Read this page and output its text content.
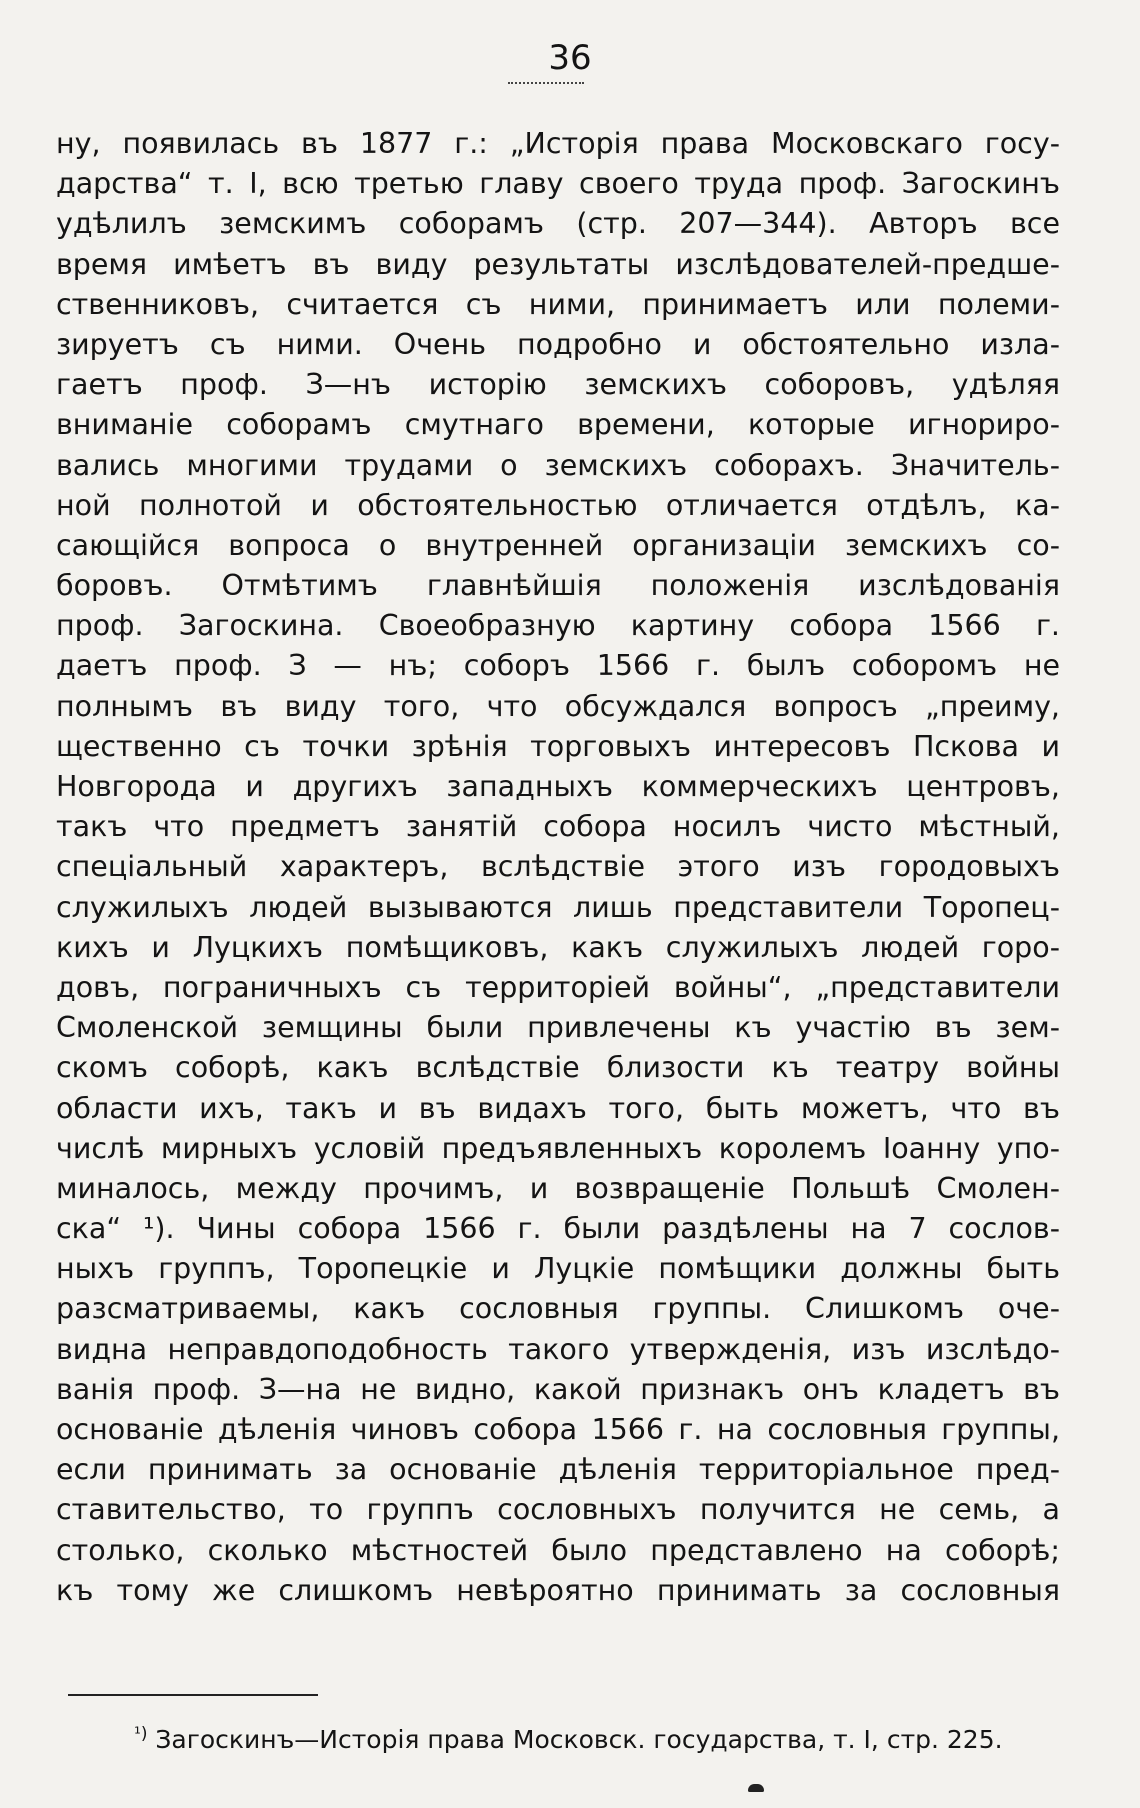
36
ну, появилась въ 1877 г.: „Исторія права Московскаго госу-
дарства“ т. I, всю третью главу своего труда проф. Загоскинъ
удѣлилъ земскимъ соборамъ (стр. 207—344). Авторъ все
время имѣетъ въ виду результаты изслѣдователей-предше-
ственниковъ, считается съ ними, принимаетъ или полеми-
зируетъ съ ними. Очень подробно и обстоятельно изла-
гаетъ проф. З—нъ исторію земскихъ соборовъ, удѣляя
вниманіе соборамъ смутнаго времени, которые игнориро-
вались многими трудами о земскихъ соборахъ. Значитель-
ной полнотой и обстоятельностью отличается отдѣлъ, ка-
сающійся вопроса о внутренней организаціи земскихъ со-
боровъ. Отмѣтимъ главнѣйшія положенія изслѣдованія
проф. Загоскина. Своеобразную картину собора 1566 г.
даетъ проф. З — нъ; соборъ 1566 г. былъ соборомъ не
полнымъ въ виду того, что обсуждался вопросъ „преиму,
щественно съ точки зрѣнія торговыхъ интересовъ Пскова и
Новгорода и другихъ западныхъ коммерческихъ центровъ,
такъ что предметъ занятій собора носилъ чисто мѣстный,
спеціальный характеръ, вслѣдствіе этого изъ городовыхъ
служилыхъ людей вызываются лишь представители Торопец-
кихъ и Луцкихъ помѣщиковъ, какъ служилыхъ людей горо-
довъ, пограничныхъ съ территоріей войны“, „представители
Смоленской земщины были привлечены къ участію въ зем-
скомъ соборѣ, какъ вслѣдствіе близости къ театру войны
области ихъ, такъ и въ видахъ того, быть можетъ, что въ
числѣ мирныхъ условій предъявленныхъ королемъ Іоанну упо-
миналось, между прочимъ, и возвращеніе Польшѣ Смолен-
ска“ ¹). Чины собора 1566 г. были раздѣлены на 7 сослов-
ныхъ группъ, Торопецкіе и Луцкіе помѣщики должны быть
разсматриваемы, какъ сословныя группы. Слишкомъ оче-
видна неправдоподобность такого утвержденія, изъ изслѣдо-
ванія проф. З—на не видно, какой признакъ онъ кладетъ въ
основаніе дѣленія чиновъ собора 1566 г. на сословныя группы,
если принимать за основаніе дѣленія территоріальное пред-
ставительство, то группъ сословныхъ получится не семь, а
столько, сколько мѣстностей было представлено на соборѣ;
къ тому же слишкомъ невѣроятно принимать за сословныя
$^{^1)}$ Загоскинъ—Исторія права Московск. государства, т. I, стр. 225.
